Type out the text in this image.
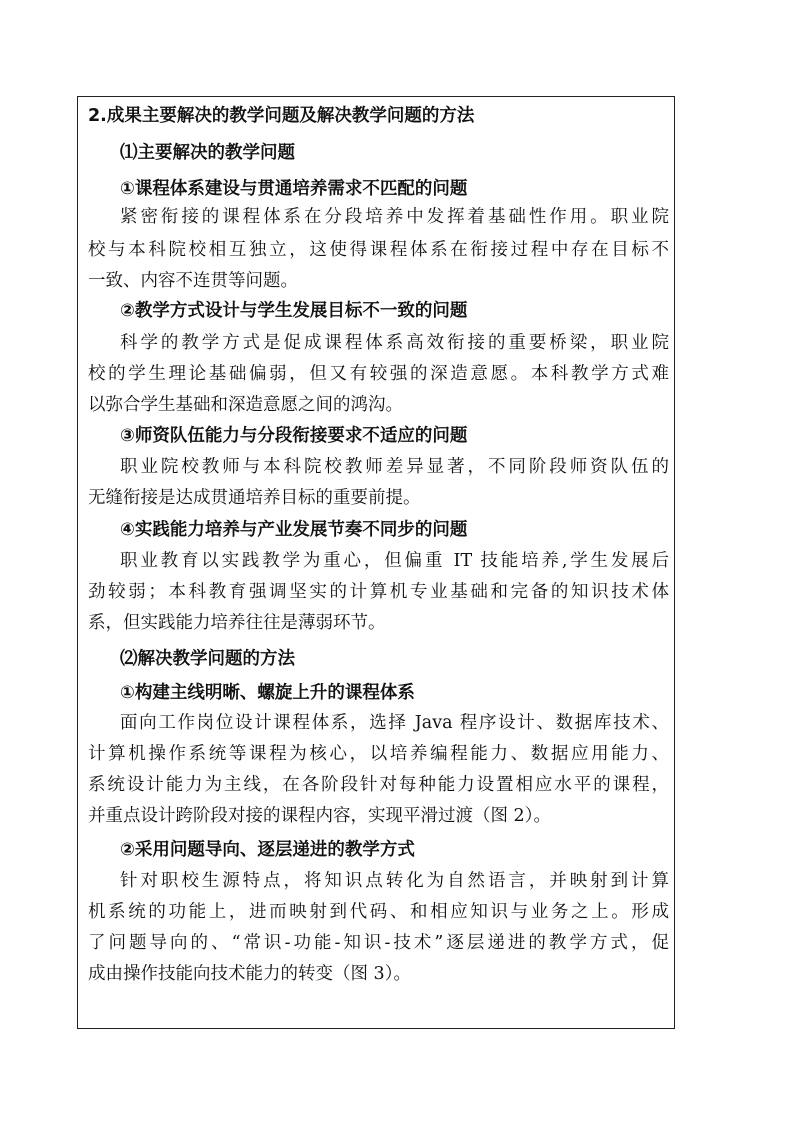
2.成果主要解决的教学问题及解决教学问题的方法
⑴主要解决的教学问题
①课程体系建设与贯通培养需求不匹配的问题
紧密衔接的课程体系在分段培养中发挥着基础性作用。职业院
校与本科院校相互独立，这使得课程体系在衔接过程中存在目标不
一致、内容不连贯等问题。
②教学方式设计与学生发展目标不一致的问题
科学的教学方式是促成课程体系高效衔接的重要桥梁，职业院
校的学生理论基础偏弱，但又有较强的深造意愿。本科教学方式难
以弥合学生基础和深造意愿之间的鸿沟。
③师资队伍能力与分段衔接要求不适应的问题
职业院校教师与本科院校教师差异显著，不同阶段师资队伍的
无缝衔接是达成贯通培养目标的重要前提。
④实践能力培养与产业发展节奏不同步的问题
职业教育以实践教学为重心，但偏重 IT 技能培养,学生发展后
劲较弱；本科教育强调坚实的计算机专业基础和完备的知识技术体
系，但实践能力培养往往是薄弱环节。
⑵解决教学问题的方法
①构建主线明晰、螺旋上升的课程体系
面向工作岗位设计课程体系，选择 Java 程序设计、数据库技术、
计算机操作系统等课程为核心，以培养编程能力、数据应用能力、
系统设计能力为主线，在各阶段针对每种能力设置相应水平的课程，
并重点设计跨阶段对接的课程内容，实现平滑过渡（图 2）。
②采用问题导向、逐层递进的教学方式
针对职校生源特点，将知识点转化为自然语言，并映射到计算
机系统的功能上，进而映射到代码、和相应知识与业务之上。形成
了问题导向的、“常识-功能-知识-技术”逐层递进的教学方式，促
成由操作技能向技术能力的转变（图 3）。
